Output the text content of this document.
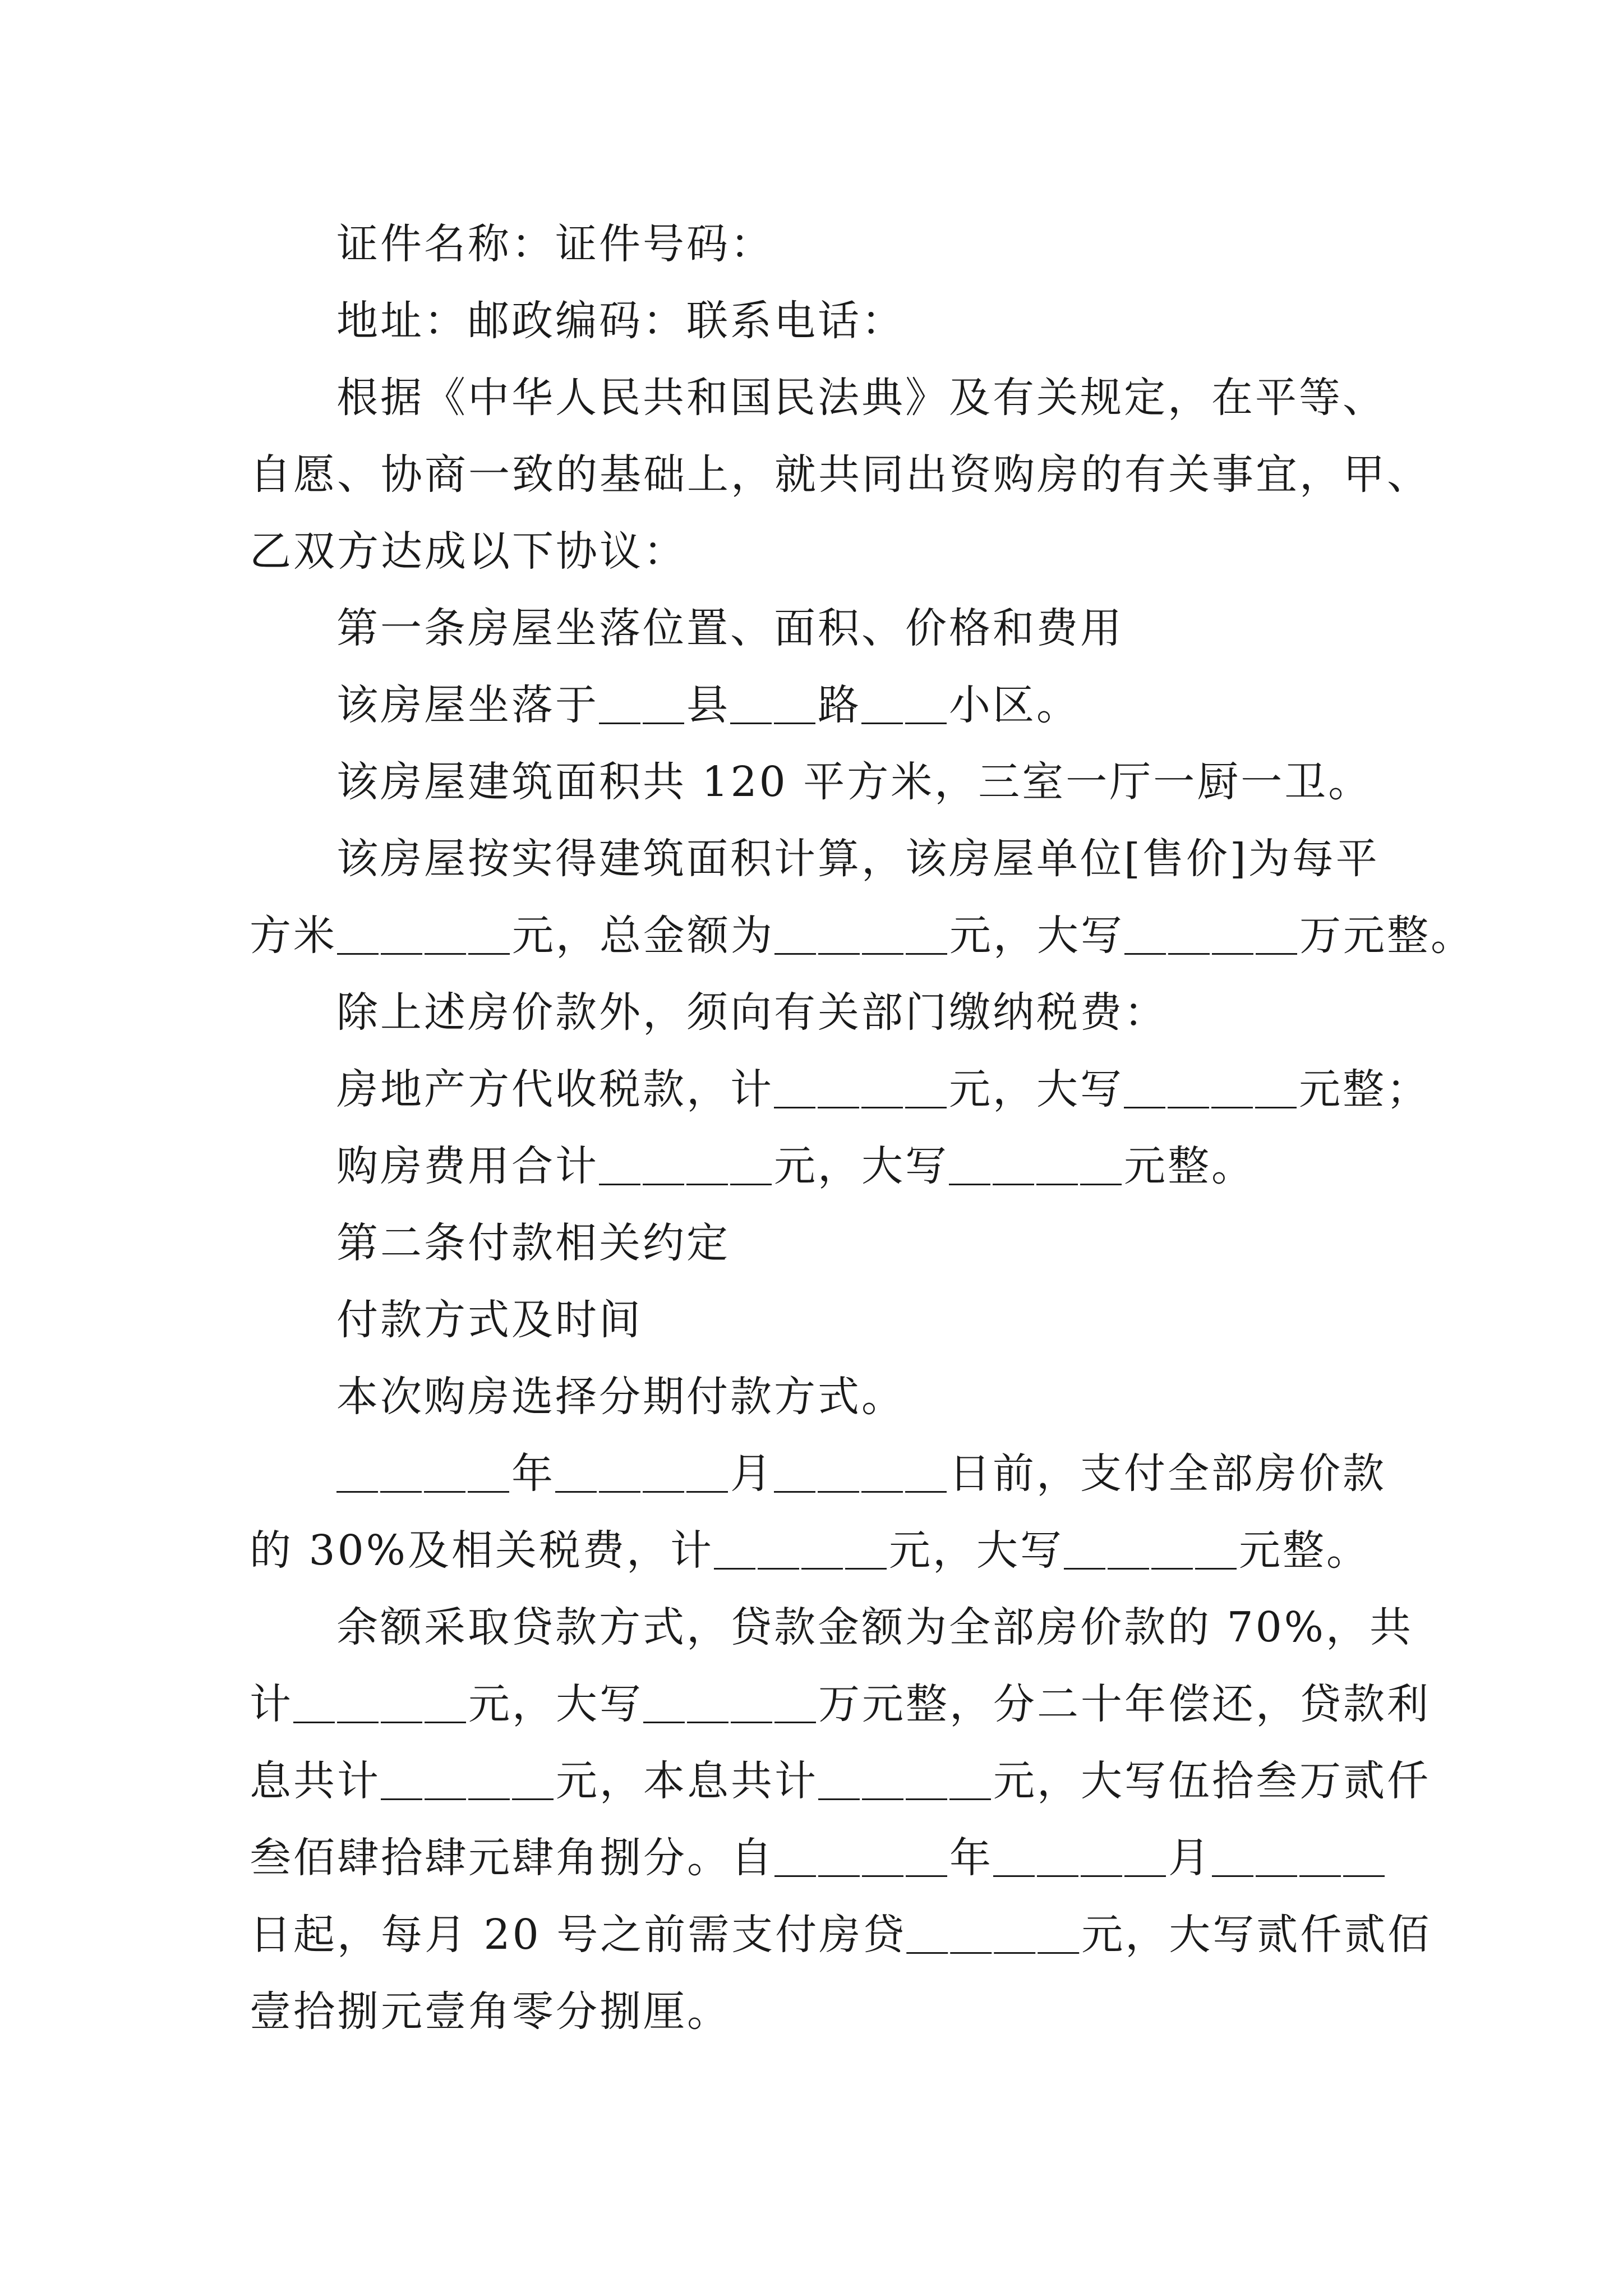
证件名称：证件号码：
地址：邮政编码：联系电话：
根据《中华人民共和国民法典》及有关规定，在平等、
自愿、协商一致的基础上，就共同出资购房的有关事宜，甲、
乙双方达成以下协议：
第一条房屋坐落位置、面积、价格和费用
该房屋坐落于＿＿县＿＿路＿＿小区。
该房屋建筑面积共 120 平方米，三室一厅一厨一卫。
该房屋按实得建筑面积计算，该房屋单位[售价]为每平
方米＿＿＿＿元，总金额为＿＿＿＿元，大写＿＿＿＿万元整。
除上述房价款外，须向有关部门缴纳税费：
房地产方代收税款，计＿＿＿＿元，大写＿＿＿＿元整；
购房费用合计＿＿＿＿元，大写＿＿＿＿元整。
第二条付款相关约定
付款方式及时间
本次购房选择分期付款方式。
＿＿＿＿年＿＿＿＿月＿＿＿＿日前，支付全部房价款
的 30%及相关税费，计＿＿＿＿元，大写＿＿＿＿元整。
余额采取贷款方式，贷款金额为全部房价款的 70%，共
计＿＿＿＿元，大写＿＿＿＿万元整，分二十年偿还，贷款利
息共计＿＿＿＿元，本息共计＿＿＿＿元，大写伍拾叁万贰仟
叁佰肆拾肆元肆角捌分。自＿＿＿＿年＿＿＿＿月＿＿＿＿
日起，每月 20 号之前需支付房贷＿＿＿＿元，大写贰仟贰佰
壹拾捌元壹角零分捌厘。
